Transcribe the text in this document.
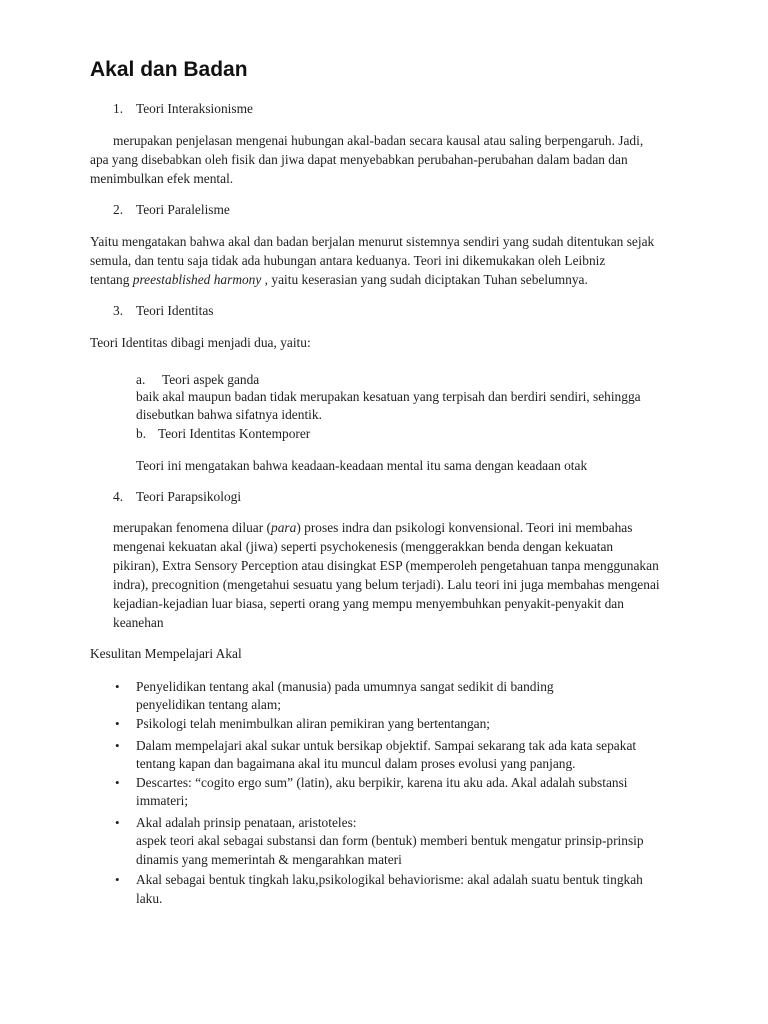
Akal dan Badan
1. Teori Interaksionisme

merupakan penjelasan mengenai hubungan akal-badan secara kausal atau saling berpengaruh. Jadi,

apa yang disebabkan oleh fisik dan jiwa dapat menyebabkan perubahan-perubahan dalam badan dan

menimbulkan efek mental.

2. Teori Paralelisme

Yaitu mengatakan bahwa akal dan badan berjalan menurut sistemnya sendiri yang sudah ditentukan sejak

semula, dan tentu saja tidak ada hubungan antara keduanya. Teori ini dikemukakan oleh Leibniz

tentang preestablished harmony , yaitu keserasian yang sudah diciptakan Tuhan sebelumnya.

3. Teori Identitas

Teori Identitas dibagi menjadi dua, yaitu:

a. Teori aspek ganda

baik akal maupun badan tidak merupakan kesatuan yang terpisah dan berdiri sendiri, sehingga

disebutkan bahwa sifatnya identik.

b. Teori Identitas Kontemporer

Teori ini mengatakan bahwa keadaan-keadaan mental itu sama dengan keadaan otak

4. Teori Parapsikologi

merupakan fenomena diluar (para) proses indra dan psikologi konvensional. Teori ini membahas

mengenai kekuatan akal (jiwa) seperti psychokenesis (menggerakkan benda dengan kekuatan

pikiran), Extra Sensory Perception atau disingkat ESP (memperoleh pengetahuan tanpa menggunakan

indra), precognition (mengetahui sesuatu yang belum terjadi). Lalu teori ini juga membahas mengenai

kejadian-kejadian luar biasa, seperti orang yang mempu menyembuhkan penyakit-penyakit dan

keanehan

Kesulitan Mempelajari Akal

• Penyelidikan tentang akal (manusia) pada umumnya sangat sedikit di banding

penyelidikan tentang alam;

• Psikologi telah menimbulkan aliran pemikiran yang bertentangan;

• Dalam mempelajari akal sukar untuk bersikap objektif. Sampai sekarang tak ada kata sepakat

tentang kapan dan bagaimana akal itu muncul dalam proses evolusi yang panjang.

• Descartes: “cogito ergo sum” (latin), aku berpikir, karena itu aku ada. Akal adalah substansi

immateri;

• Akal adalah prinsip penataan, aristoteles:

aspek teori akal sebagai substansi dan form (bentuk) memberi bentuk mengatur prinsip-prinsip

dinamis yang memerintah & mengarahkan materi

• Akal sebagai bentuk tingkah laku,psikologikal behaviorisme: akal adalah suatu bentuk tingkah

laku.
